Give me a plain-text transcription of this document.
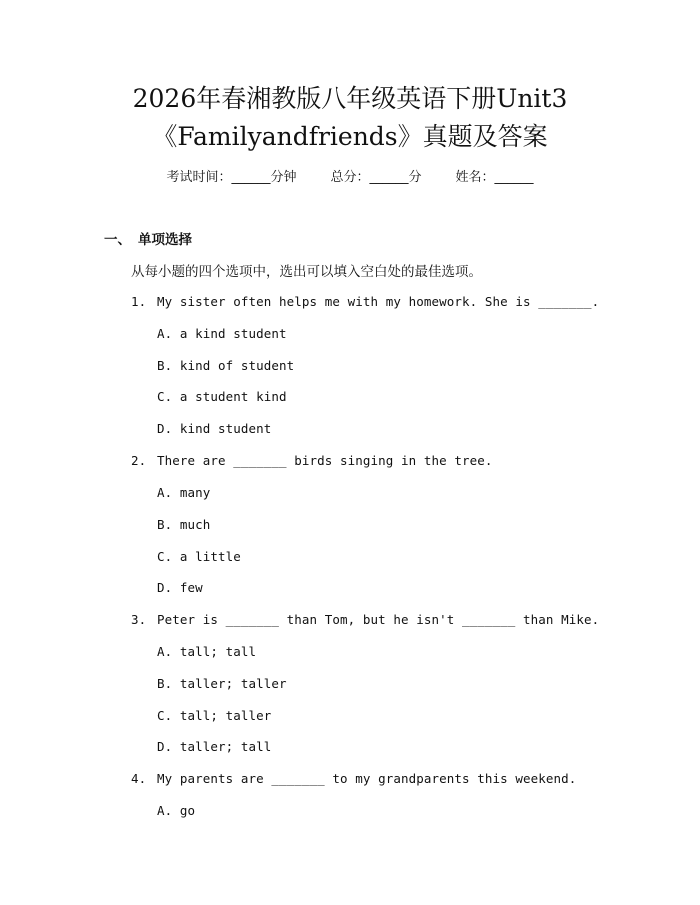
2026年春湘教版八年级英语下册Unit3
《Familyandfriends》真题及答案
考试时间：______分钟	总分：______分	姓名：______
一、 单项选择
从每小题的四个选项中，选出可以填入空白处的最佳选项。
1. My sister often helps me with my homework. She is _______.
A. a kind student
B. kind of student
C. a student kind
D. kind student
2. There are _______ birds singing in the tree.
A. many
B. much
C. a little
D. few
3. Peter is _______ than Tom, but he isn't _______ than Mike.
A. tall; tall
B. taller; taller
C. tall; taller
D. taller; tall
4. My parents are _______ to my grandparents this weekend.
A. go
